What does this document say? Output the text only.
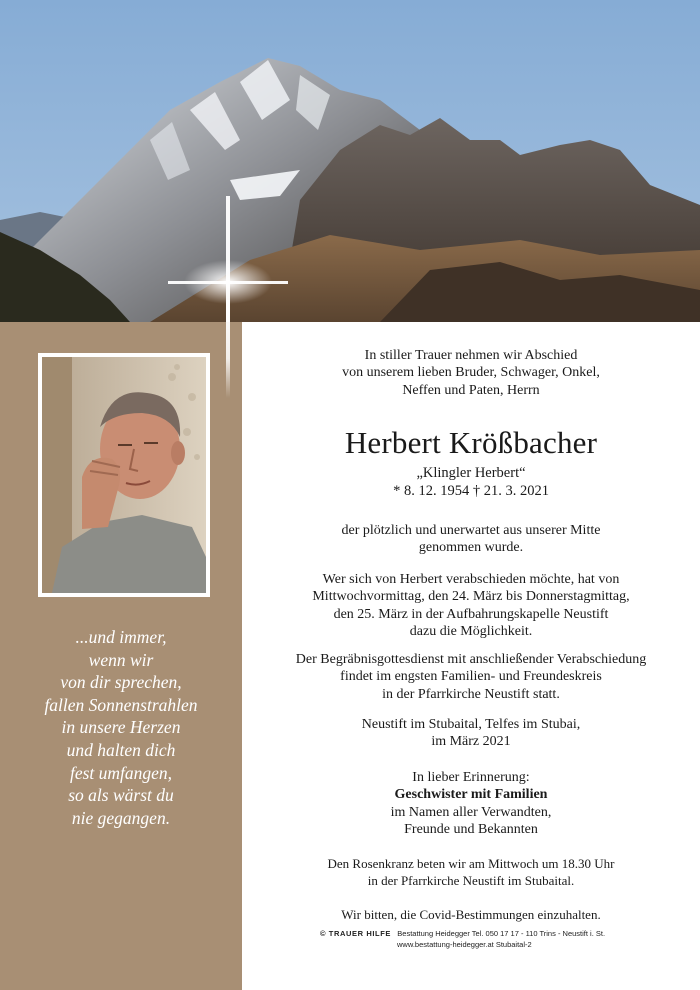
...und immer,
wenn wir
von dir sprechen,
fallen Sonnenstrahlen
in unsere Herzen
und halten dich
fest umfangen,
so als wärst du
nie gegangen.
In stiller Trauer nehmen wir Abschied
von unserem lieben Bruder, Schwager, Onkel,
Neffen und Paten, Herrn
Herbert Krößbacher
„Klingler Herbert“
* 8. 12. 1954 † 21. 3. 2021
der plötzlich und unerwartet aus unserer Mitte
genommen wurde.
Wer sich von Herbert verabschieden möchte, hat von
Mittwochvormittag, den 24. März bis Donnerstagmittag,
den 25. März in der Aufbahrungskapelle Neustift
dazu die Möglichkeit.
Der Begräbnisgottesdienst mit anschließender Verabschiedung
findet im engsten Familien- und Freundeskreis
in der Pfarrkirche Neustift statt.
Neustift im Stubaital, Telfes im Stubai,
im März 2021
In lieber Erinnerung:
Geschwister mit Familien
im Namen aller Verwandten,
Freunde und Bekannten
Den Rosenkranz beten wir am Mittwoch um 18.30 Uhr
in der Pfarrkirche Neustift im Stubaital.
Wir bitten, die Covid-Bestimmungen einzuhalten.
© TRAUER HILFE Bestattung Heidegger Tel. 050 17 17 - 110 Trins - Neustift i. St.
www.bestattung-heidegger.at Stubaital-2
